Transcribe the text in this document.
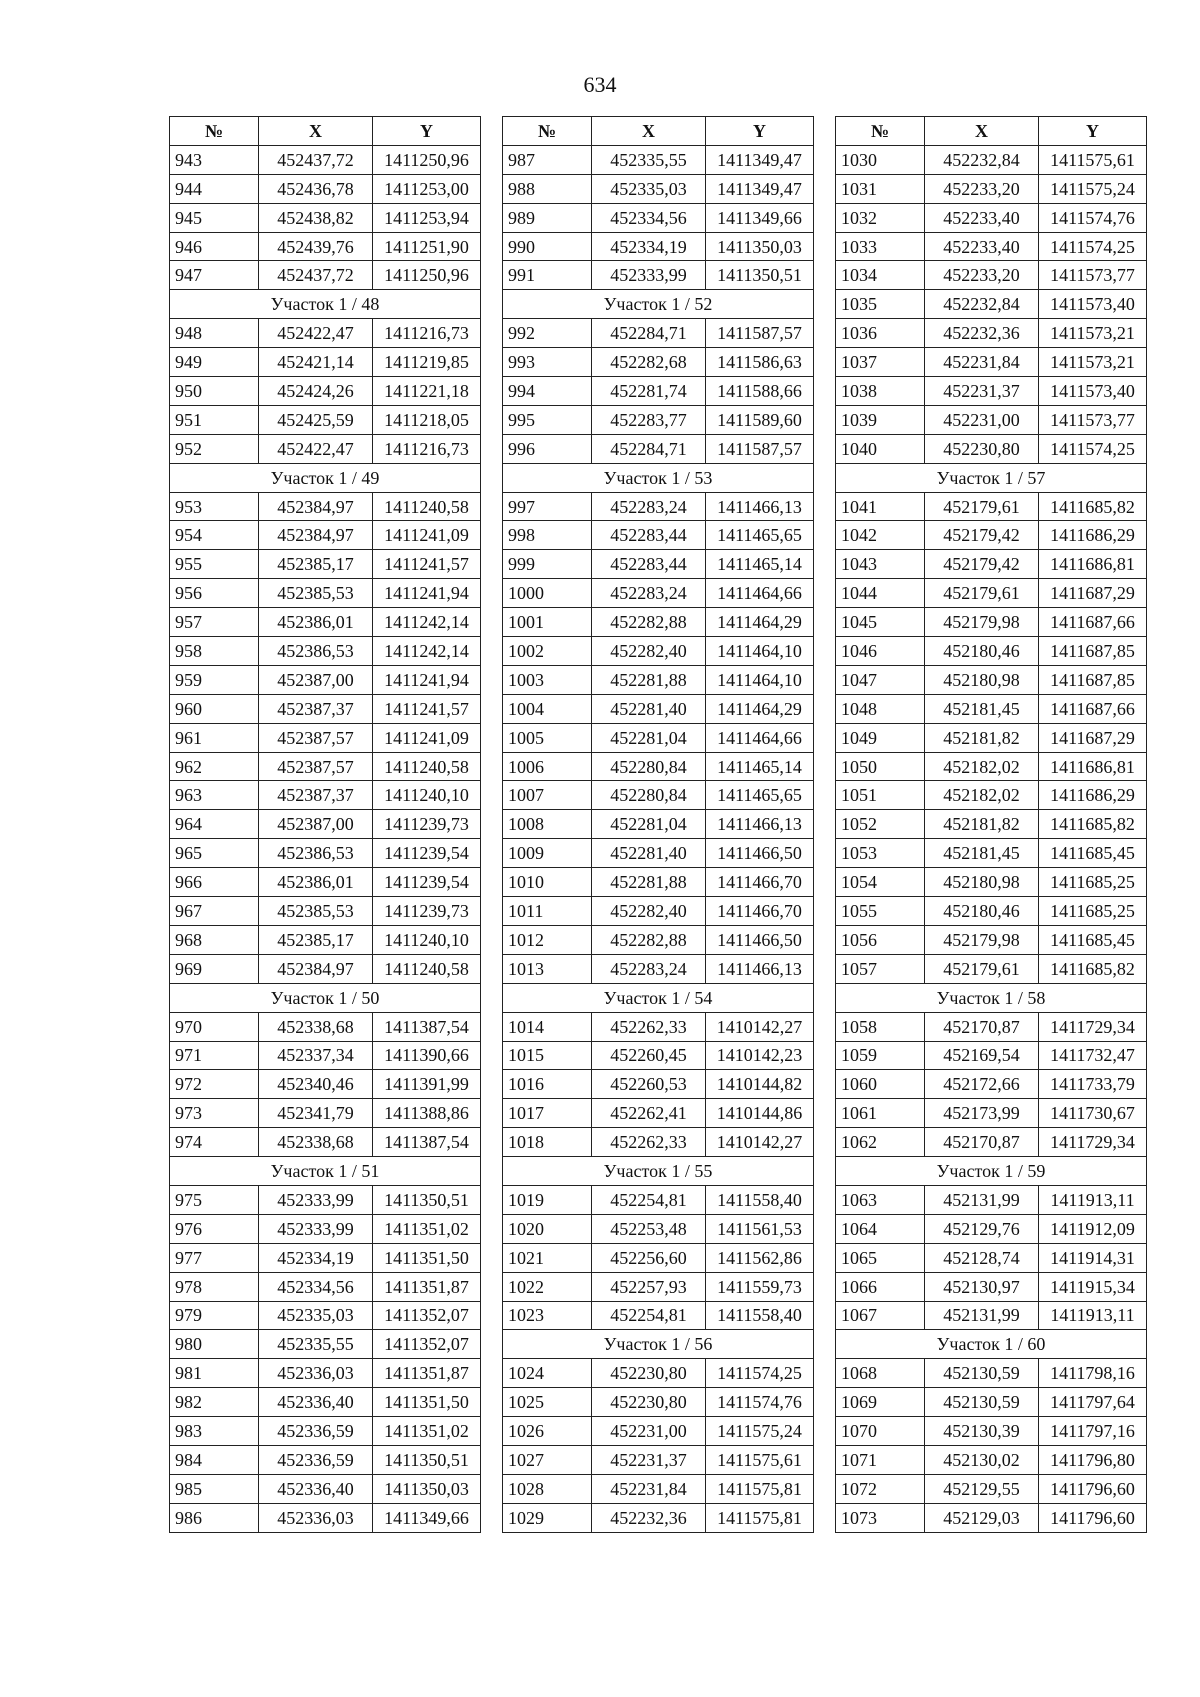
634
№	X	Y
943	452437,72	1411250,96
944	452436,78	1411253,00
945	452438,82	1411253,94
946	452439,76	1411251,90
947	452437,72	1411250,96
Участок 1 / 48		
948	452422,47	1411216,73
949	452421,14	1411219,85
950	452424,26	1411221,18
951	452425,59	1411218,05
952	452422,47	1411216,73
Участок 1 / 49		
953	452384,97	1411240,58
954	452384,97	1411241,09
955	452385,17	1411241,57
956	452385,53	1411241,94
957	452386,01	1411242,14
958	452386,53	1411242,14
959	452387,00	1411241,94
960	452387,37	1411241,57
961	452387,57	1411241,09
962	452387,57	1411240,58
963	452387,37	1411240,10
964	452387,00	1411239,73
965	452386,53	1411239,54
966	452386,01	1411239,54
967	452385,53	1411239,73
968	452385,17	1411240,10
969	452384,97	1411240,58
Участок 1 / 50		
970	452338,68	1411387,54
971	452337,34	1411390,66
972	452340,46	1411391,99
973	452341,79	1411388,86
974	452338,68	1411387,54
Участок 1 / 51		
975	452333,99	1411350,51
976	452333,99	1411351,02
977	452334,19	1411351,50
978	452334,56	1411351,87
979	452335,03	1411352,07
980	452335,55	1411352,07
981	452336,03	1411351,87
982	452336,40	1411351,50
983	452336,59	1411351,02
984	452336,59	1411350,51
985	452336,40	1411350,03
986	452336,03	1411349,66
№	X	Y
987	452335,55	1411349,47
988	452335,03	1411349,47
989	452334,56	1411349,66
990	452334,19	1411350,03
991	452333,99	1411350,51
Участок 1 / 52		
992	452284,71	1411587,57
993	452282,68	1411586,63
994	452281,74	1411588,66
995	452283,77	1411589,60
996	452284,71	1411587,57
Участок 1 / 53		
997	452283,24	1411466,13
998	452283,44	1411465,65
999	452283,44	1411465,14
1000	452283,24	1411464,66
1001	452282,88	1411464,29
1002	452282,40	1411464,10
1003	452281,88	1411464,10
1004	452281,40	1411464,29
1005	452281,04	1411464,66
1006	452280,84	1411465,14
1007	452280,84	1411465,65
1008	452281,04	1411466,13
1009	452281,40	1411466,50
1010	452281,88	1411466,70
1011	452282,40	1411466,70
1012	452282,88	1411466,50
1013	452283,24	1411466,13
Участок 1 / 54		
1014	452262,33	1410142,27
1015	452260,45	1410142,23
1016	452260,53	1410144,82
1017	452262,41	1410144,86
1018	452262,33	1410142,27
Участок 1 / 55		
1019	452254,81	1411558,40
1020	452253,48	1411561,53
1021	452256,60	1411562,86
1022	452257,93	1411559,73
1023	452254,81	1411558,40
Участок 1 / 56		
1024	452230,80	1411574,25
1025	452230,80	1411574,76
1026	452231,00	1411575,24
1027	452231,37	1411575,61
1028	452231,84	1411575,81
1029	452232,36	1411575,81
№	X	Y
1030	452232,84	1411575,61
1031	452233,20	1411575,24
1032	452233,40	1411574,76
1033	452233,40	1411574,25
1034	452233,20	1411573,77
1035	452232,84	1411573,40
1036	452232,36	1411573,21
1037	452231,84	1411573,21
1038	452231,37	1411573,40
1039	452231,00	1411573,77
1040	452230,80	1411574,25
Участок 1 / 57		
1041	452179,61	1411685,82
1042	452179,42	1411686,29
1043	452179,42	1411686,81
1044	452179,61	1411687,29
1045	452179,98	1411687,66
1046	452180,46	1411687,85
1047	452180,98	1411687,85
1048	452181,45	1411687,66
1049	452181,82	1411687,29
1050	452182,02	1411686,81
1051	452182,02	1411686,29
1052	452181,82	1411685,82
1053	452181,45	1411685,45
1054	452180,98	1411685,25
1055	452180,46	1411685,25
1056	452179,98	1411685,45
1057	452179,61	1411685,82
Участок 1 / 58		
1058	452170,87	1411729,34
1059	452169,54	1411732,47
1060	452172,66	1411733,79
1061	452173,99	1411730,67
1062	452170,87	1411729,34
Участок 1 / 59		
1063	452131,99	1411913,11
1064	452129,76	1411912,09
1065	452128,74	1411914,31
1066	452130,97	1411915,34
1067	452131,99	1411913,11
Участок 1 / 60		
1068	452130,59	1411798,16
1069	452130,59	1411797,64
1070	452130,39	1411797,16
1071	452130,02	1411796,80
1072	452129,55	1411796,60
1073	452129,03	1411796,60
